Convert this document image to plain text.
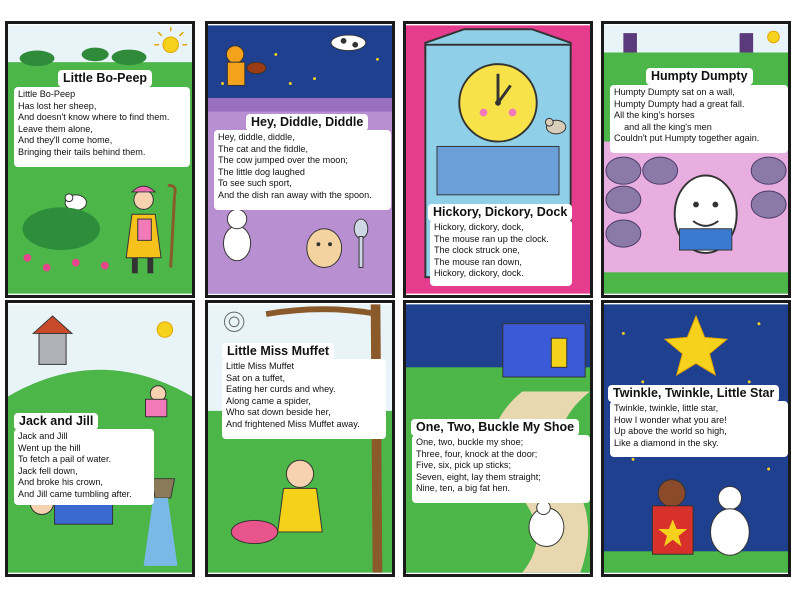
Little Bo-Peep
Little Bo-Peep
Has lost her sheep,
And doesn't know where to find them.
Leave them alone,
And they'll come home,
Bringing their tails behind them.
Hey, Diddle, Diddle
Hey, diddle, diddle,
The cat and the fiddle,
The cow jumped over the moon;
The little dog laughed
To see such sport,
And the dish ran away with the spoon.
Hickory, Dickory, Dock
Hickory, dickory, dock,
The mouse ran up the clock.
The clock struck one,
The mouse ran down,
Hickory, dickory, dock.
Humpty Dumpty
Humpty Dumpty sat on a wall,
Humpty Dumpty had a great fall.
All the king's horses
and all the king's men
Couldn't put Humpty together again.
Jack and Jill
Jack and Jill
Went up the hill
To fetch a pail of water.
Jack fell down,
And broke his crown,
And Jill came tumbling after.
Little Miss Muffet
Little Miss Muffet
Sat on a tuffet,
Eating her curds and whey.
Along came a spider,
Who sat down beside her,
And frightened Miss Muffet away.	One, Two, Buckle My Shoe
One, two, buckle my shoe;
Three, four, knock at the door;
Five, six, pick up sticks;
Seven, eight, lay them straight;
Nine, ten, a big fat hen.
Twinkle, Twinkle, Little Star
Twinkle, twinkle, little star,
How I wonder what you are!
Up above the world so high,
Like a diamond in the sky.
